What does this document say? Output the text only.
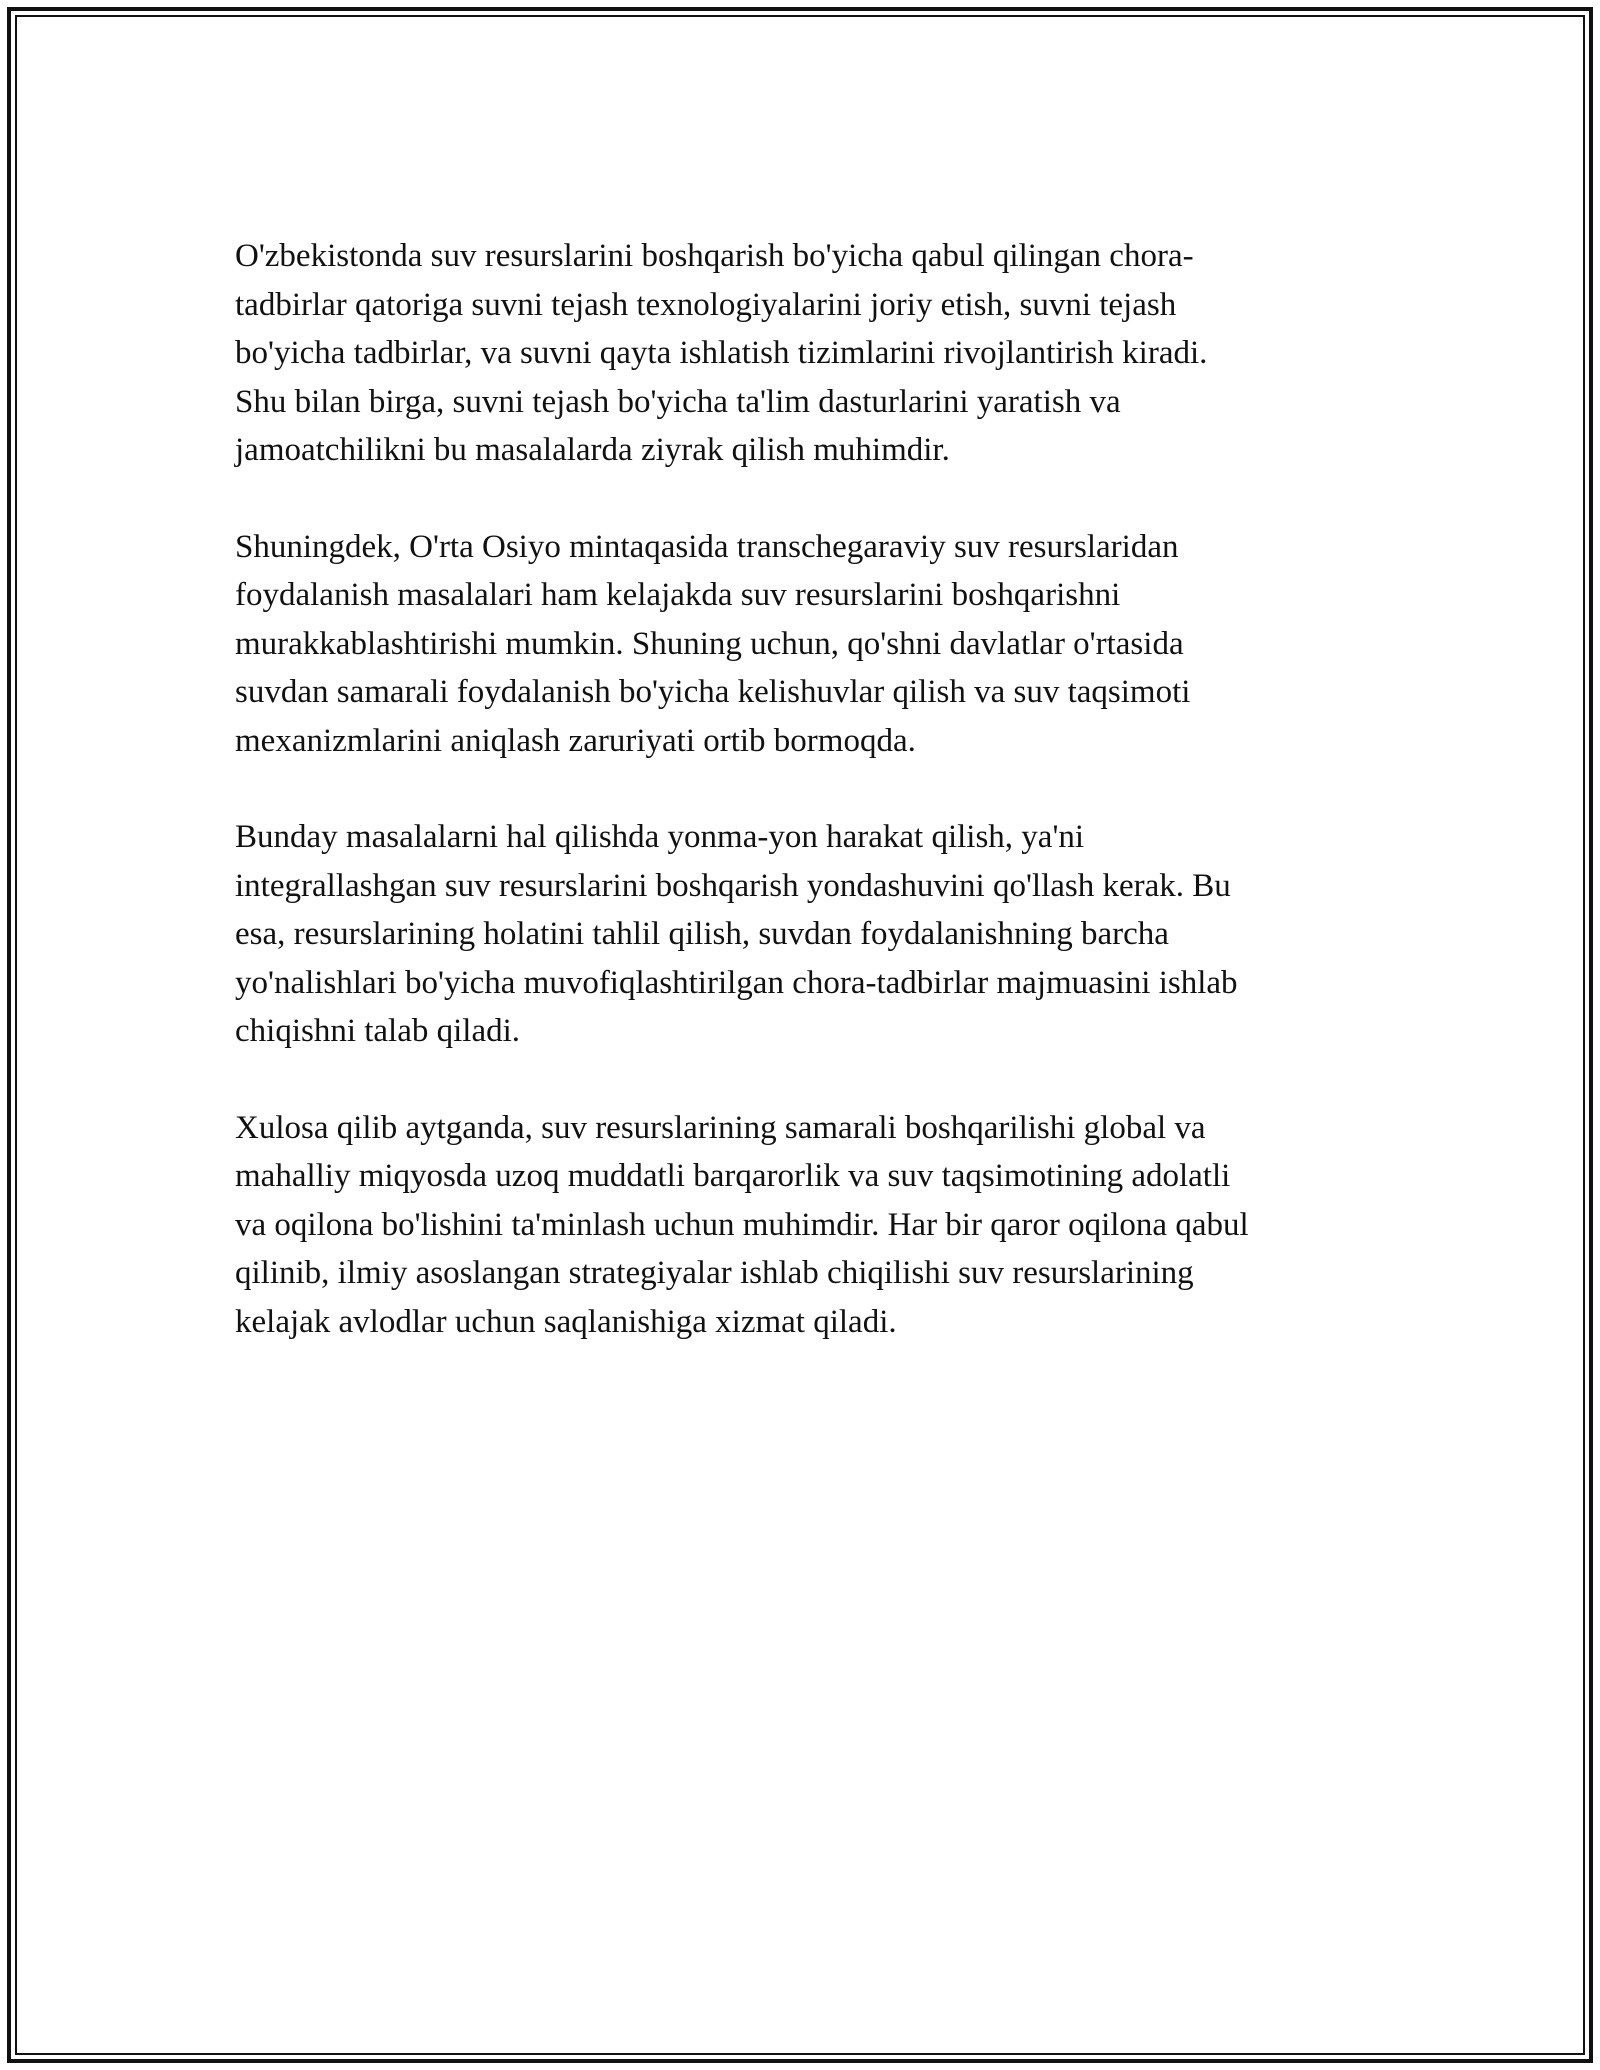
O'zbekistonda suv resurslarini boshqarish bo'yicha qabul qilingan chora-
tadbirlar qatoriga suvni tejash texnologiyalarini joriy etish, suvni tejash
bo'yicha tadbirlar, va suvni qayta ishlatish tizimlarini rivojlantirish kiradi.
Shu bilan birga, suvni tejash bo'yicha ta'lim dasturlarini yaratish va
jamoatchilikni bu masalalarda ziyrak qilish muhimdir.

Shuningdek, O'rta Osiyo mintaqasida transchegaraviy suv resurslaridan
foydalanish masalalari ham kelajakda suv resurslarini boshqarishni
murakkablashtirishi mumkin. Shuning uchun, qo'shni davlatlar o'rtasida
suvdan samarali foydalanish bo'yicha kelishuvlar qilish va suv taqsimoti
mexanizmlarini aniqlash zaruriyati ortib bormoqda.

Bunday masalalarni hal qilishda yonma-yon harakat qilish, ya'ni
integrallashgan suv resurslarini boshqarish yondashuvini qo'llash kerak. Bu
esa, resurslarining holatini tahlil qilish, suvdan foydalanishning barcha
yo'nalishlari bo'yicha muvofiqlashtirilgan chora-tadbirlar majmuasini ishlab
chiqishni talab qiladi.

Xulosa qilib aytganda, suv resurslarining samarali boshqarilishi global va
mahalliy miqyosda uzoq muddatli barqarorlik va suv taqsimotining adolatli
va oqilona bo'lishini ta'minlash uchun muhimdir. Har bir qaror oqilona qabul
qilinib, ilmiy asoslangan strategiyalar ishlab chiqilishi suv resurslarining
kelajak avlodlar uchun saqlanishiga xizmat qiladi.
